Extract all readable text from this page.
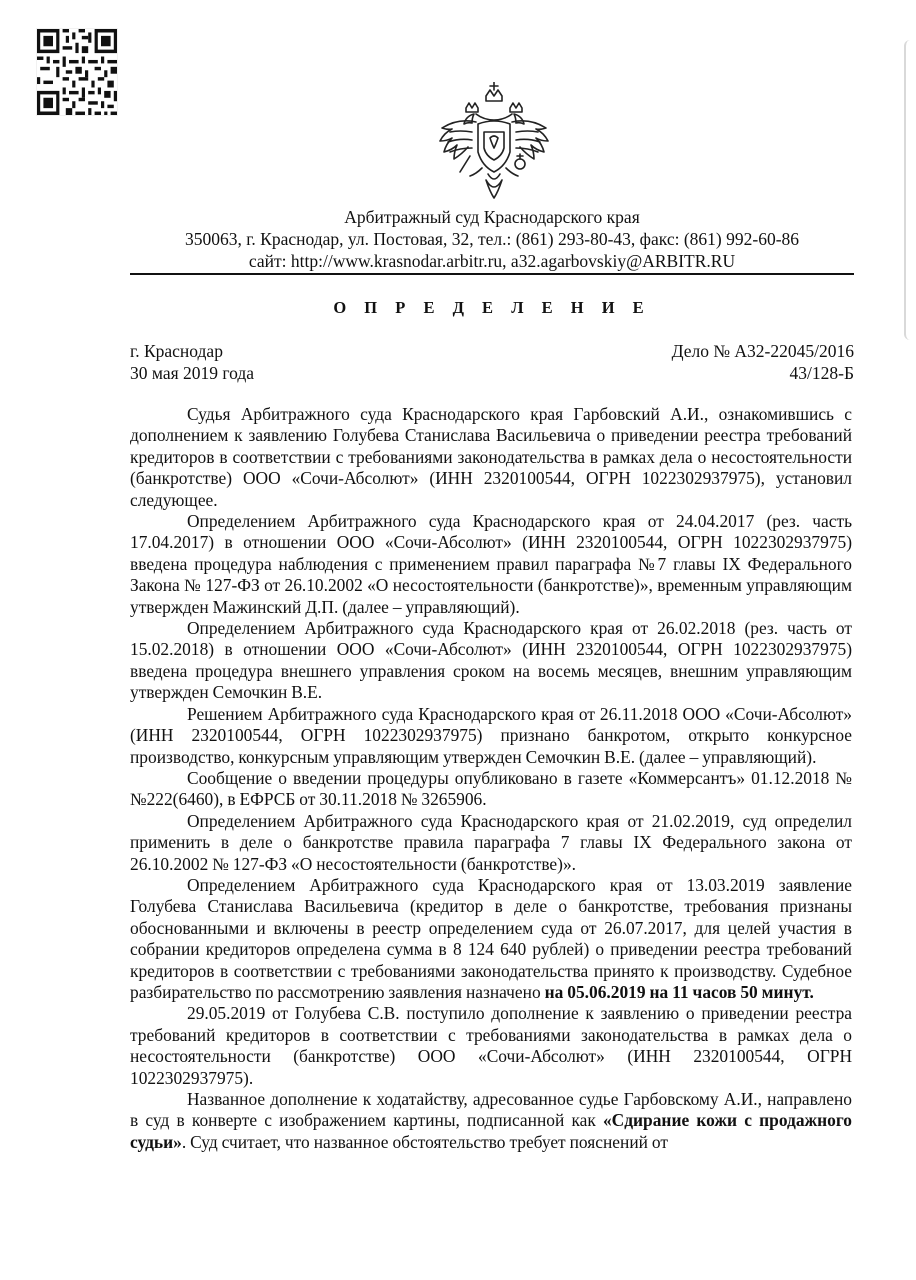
Арбитражный суд Краснодарского края
350063, г. Краснодар, ул. Постовая, 32, тел.: (861) 293-80-43, факс: (861) 992-60-86
сайт: http://www.krasnodar.arbitr.ru, a32.agarbovskiy@ARBITR.RU
О П Р Е Д Е Л Е Н И Е
г. Краснодар
30 мая 2019 года
Дело № А32-22045/2016
43/128-Б

Судья Арбитражного суда Краснодарского края Гарбовский А.И., ознакомившись с дополнением к заявлению Голубева Станислава Васильевича о приведении реестра требований кредиторов в соответствии с требованиями законодательства в рамках дела о несостоятельности (банкротстве) ООО «Сочи-Абсолют» (ИНН 2320100544, ОГРН 1022302937975), установил следующее.

Определением Арбитражного суда Краснодарского края от 24.04.2017 (рез. часть 17.04.2017) в отношении ООО «Сочи-Абсолют» (ИНН 2320100544, ОГРН 1022302937975) введена процедура наблюдения с применением правил параграфа №7 главы IX Федерального Закона № 127-ФЗ от 26.10.2002 «О несостоятельности (банкротстве)», временным управляющим утвержден Мажинский Д.П. (далее – управляющий).

Определением Арбитражного суда Краснодарского края от 26.02.2018 (рез. часть от 15.02.2018) в отношении ООО «Сочи-Абсолют» (ИНН 2320100544, ОГРН 1022302937975) введена процедура внешнего управления сроком на восемь месяцев, внешним управляющим утвержден Семочкин В.Е.

Решением Арбитражного суда Краснодарского края от 26.11.2018 ООО «Сочи-Абсолют» (ИНН 2320100544, ОГРН 1022302937975) признано банкротом, открыто конкурсное производство, конкурсным управляющим утвержден Семочкин В.Е. (далее – управляющий).

Сообщение о введении процедуры опубликовано в газете «Коммерсантъ» 01.12.2018 № №222(6460), в ЕФРСБ от 30.11.2018 № 3265906.

Определением Арбитражного суда Краснодарского края от 21.02.2019, суд определил применить в деле о банкротстве правила параграфа 7 главы IX Федерального закона от 26.10.2002 № 127-ФЗ «О несостоятельности (банкротстве)».

Определением Арбитражного суда Краснодарского края от 13.03.2019 заявление Голубева Станислава Васильевича (кредитор в деле о банкротстве, требования признаны обоснованными и включены в реестр определением суда от 26.07.2017, для целей участия в собрании кредиторов определена сумма в 8 124 640 рублей) о приведении реестра требований кредиторов в соответствии с требованиями законодательства принято к производству. Судебное разбирательство по рассмотрению заявления назначено на 05.06.2019 на 11 часов 50 минут.

29.05.2019 от Голубева С.В. поступило дополнение к заявлению о приведении реестра требований кредиторов в соответствии с требованиями законодательства в рамках дела о несостоятельности (банкротстве) ООО «Сочи-Абсолют» (ИНН 2320100544, ОГРН 1022302937975).

Названное дополнение к ходатайству, адресованное судье Гарбовскому А.И., направлено в суд в конверте с изображением картины, подписанной как «Сдирание кожи с продажного судьи». Суд считает, что названное обстоятельство требует пояснений от
